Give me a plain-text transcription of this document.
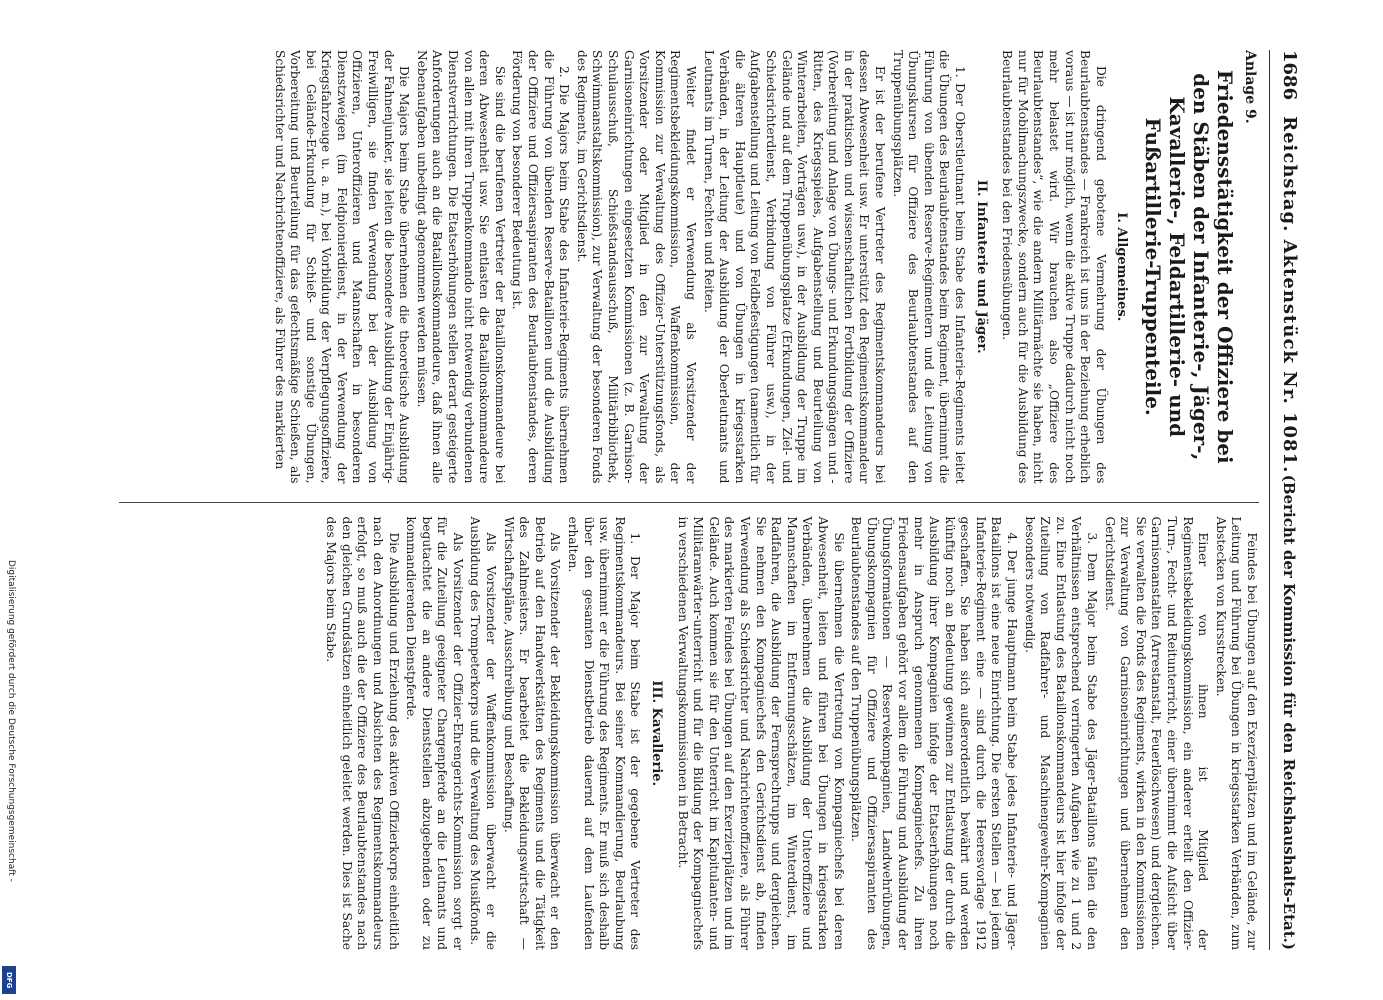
1686
Reichstag. Aktenstück Nr. 1081.
(Bericht der Kommission für den Reichshaushalts-Etat.)
Anlage 9.
Friedensstätigkeit der Offiziere bei den Stäben der Infanterie-, Jäger-, Kavallerie-, Feldartillerie- und Fußartillerie-Truppenteile.
I. Allgemeines.

Die dringend gebotene Vermehrung der Übungen des Beurlaubtenstandes — Frankreich ist uns in der Beziehung erheblich voraus — ist nur möglich, wenn die aktive Truppe dadurch nicht noch mehr belastet wird. Wir brauchen also „Offiziere des Beurlaubtenstandes“, wie die andern Militärmächte sie haben, nicht nur für Mobilmachungszwecke, sondern auch für die Ausbildung des Beurlaubtenstandes bei den Friedensübungen.

II. Infanterie und Jäger.

1. Der Oberstleutnant beim Stabe des Infanterie-Regiments leitet die Übungen des Beurlaubtenstandes beim Regiment, übernimmt die Führung von übenden Reserve-Regimentern und die Leitung von Übungskursen für Offiziere des Beurlaubtenstandes auf den Truppenübungsplätzen.

Er ist der berufene Vertreter des Regimentskommandeurs bei dessen Abwesenheit usw. Er unterstützt den Regimentskommandeur in der praktischen und wissenschaftlichen Fortbildung der Offiziere (Vorbereitung und Anlage von Übungs- und Erkundungsgängen und -Ritten, des Kriegsspieles, Aufgabenstellung und Beurteilung von Winterarbeiten, Vorträgen usw.), in der Ausbildung der Truppe im Gelände und auf dem Truppenübungsplatze (Erkundungen, Ziel- und Schiedsrichterdienst, Verbindung von Führer usw.), in der Aufgabenstellung und Leitung von Feldbefestigungen (namentlich für die älteren Hauptleute) und von Übungen in kriegsstarken Verbänden, in der Leitung der Ausbildung der Oberleutnants und Leutnants im Turnen, Fechten und Reiten.

Weiter findet er Verwendung als Vorsitzender der Regimentsbekleidungskommission, Waffenkommission, der Kommission zur Verwaltung des Offizier-Unterstützungsfonds, als Vorsitzender oder Mitglied in den zur Verwaltung der Garnisoneinrichtungen eingesetzten Kommissionen (z. B. Garnison-Schulausschuß, Schießstandsausschuß, Militärbibliothek, Schwimmanstaltskommission), zur Verwaltung der besonderen Fonds des Regiments, im Gerichtsdienst.

2. Die Majors beim Stabe des Infanterie-Regiments übernehmen die Führung von übenden Reserve-Bataillonen und die Ausbildung der Offiziere und Offiziersaspiranten des Beurlaubtenstandes, deren Förderung von besonderer Bedeutung ist.

Sie sind die berufenen Vertreter der Bataillonskommandeure bei deren Abwesenheit usw. Sie entlasten die Bataillonskommandeure von allen mit ihren Truppenkommando nicht notwendig verbundenen Dienstverrichtungen. Die Etatserhöhungen stellen derart gesteigerte Anforderungen auch an die Bataillonskommandeure, daß ihnen alle Nebenaufgaben unbedingt abgenommen werden müssen.

Die Majors beim Stabe übernehmen die theoretische Ausbildung der Fahnenjunker, sie leiten die besondere Ausbildung der Einjährig-Freiwilligen, sie finden Verwendung bei der Ausbildung von Offizieren, Unteroffizieren und Mannschaften in besonderen Dienstzweigen (im Feldpionierdienst, in der Verwendung der Kriegsfahrzeuge u. a. m.), bei Vorbildung der Verpflegungsoffiziere, bei Gelände-Erkundung für Schieß- und sonstige Übungen, Vorbereitung und Beurteilung für das gefechtsmäßige Schießen, als Schiedsrichter und Nachrichtenoffiziere, als Führer des markierten

Feindes bei Übungen auf den Exerzierplätzen und im Gelände, zur Leitung und Führung bei Übungen in kriegsstarken Verbänden, zum Abstecken von Kursstrecken.

Einer von ihnen ist Mitglied der Regimentsbekleidungskommission, ein anderer erteilt den Offizier-Turn-, Fecht- und Reitunterricht, einer übernimmt die Aufsicht über Garnisonanstalten (Arrestanstalt, Feuerlöschwesen) und dergleichen. Sie verwalten die Fonds des Regiments, wirken in den Kommissionen zur Verwaltung von Garnisoneinrichtungen und übernehmen den Gerichtsdienst.

3. Dem Major beim Stabe des Jäger-Bataillons fallen die den Verhältnissen entsprechend verringerten Aufgaben wie zu 1 und 2 zu. Eine Entlastung des Bataillonskommandeurs ist hier infolge der Zuteilung von Radfahrer- und Maschinengewehr-Kompagnien besonders notwendig.

4. Der junge Hauptmann beim Stabe jedes Infanterie- und Jäger-Bataillons ist eine neue Einrichtung. Die ersten Stellen — bei jedem Infanterie-Regiment eine — sind durch die Heeresvorlage 1912 geschaffen. Sie haben sich außerordentlich bewährt und werden künftig noch an Bedeutung gewinnen zur Entlastung der durch die Ausbildung ihrer Kompagnien infolge der Etatserhöhungen noch mehr in Anspruch genommenen Kompagniechefs. Zu ihren Friedensaufgaben gehört vor allem die Führung und Ausbildung der Übungsformationen — Reservekompagnien, Landwehrübungen, Übungskompagnien für Offiziere und Offiziersaspiranten des Beurlaubtenstandes auf den Truppenübungsplätzen.

Sie übernehmen die Vertretung von Kompagniechefs bei deren Abwesenheit, leiten und führen bei Übungen in kriegsstarken Verbänden, übernehmen die Ausbildung der Unteroffiziere und Mannschaften im Entfernungsschätzen, im Winterdienst, im Radfahren, die Ausbildung der Fernsprechtrupps und dergleichen. Sie nehmen den Kompagniechefs den Gerichtsdienst ab, finden Verwendung als Schiedsrichter und Nachrichtenoffiziere, als Führer des markierten Feindes bei Übungen auf den Exerzierplätzen und im Gelände. Auch kommen sie für den Unterricht im Kapitulanten- und Militäranwärter-unterricht und für die Bildung der Kompagniechefs in verschiedenen Verwaltungskommissionen in Betracht.

III. Kavallerie.

1. Der Major beim Stabe ist der gegebene Vertreter des Regimentskommandeurs. Bei seiner Kommandierung, Beurlaubung usw. übernimmt er die Führung des Regiments. Er muß sich deshalb über den gesamten Dienstbetrieb dauernd auf dem Laufenden erhalten.

Als Vorsitzender der Bekleidungskommission überwacht er den Betrieb auf den Handwerkstätten des Regiments und die Tätigkeit des Zahlmeisters. Er bearbeitet die Bekleidungswirtschaft — Wirtschaftspläne, Ausschreibung und Beschaffung.

Als Vorsitzender der Waffenkommission überwacht er die Ausbildung des Trompeterkorps und die Verwaltung des Musikfonds.

Als Vorsitzender der Offizier-Ehrengerichts-Kommission sorgt er für die Zuteilung geeigneter Chargenpferde an die Leutnants und begutachtet die an andere Dienststellen abzugebenden oder zu kommandierenden Dienstpferde.

Die Ausbildung und Erziehung des aktiven Offizierkorps einheitlich nach den Anordnungen und Absichten des Regimentskommandeurs erfolgt, so muß auch die der Offiziere des Beurlaubtenstandes nach den gleichen Grundsätzen einheitlich geleitet werden. Dies ist Sache des Majors beim Stabe.

Digitalisierung gefördert durch die Deutsche Forschungsgemeinschaft -
DFG
